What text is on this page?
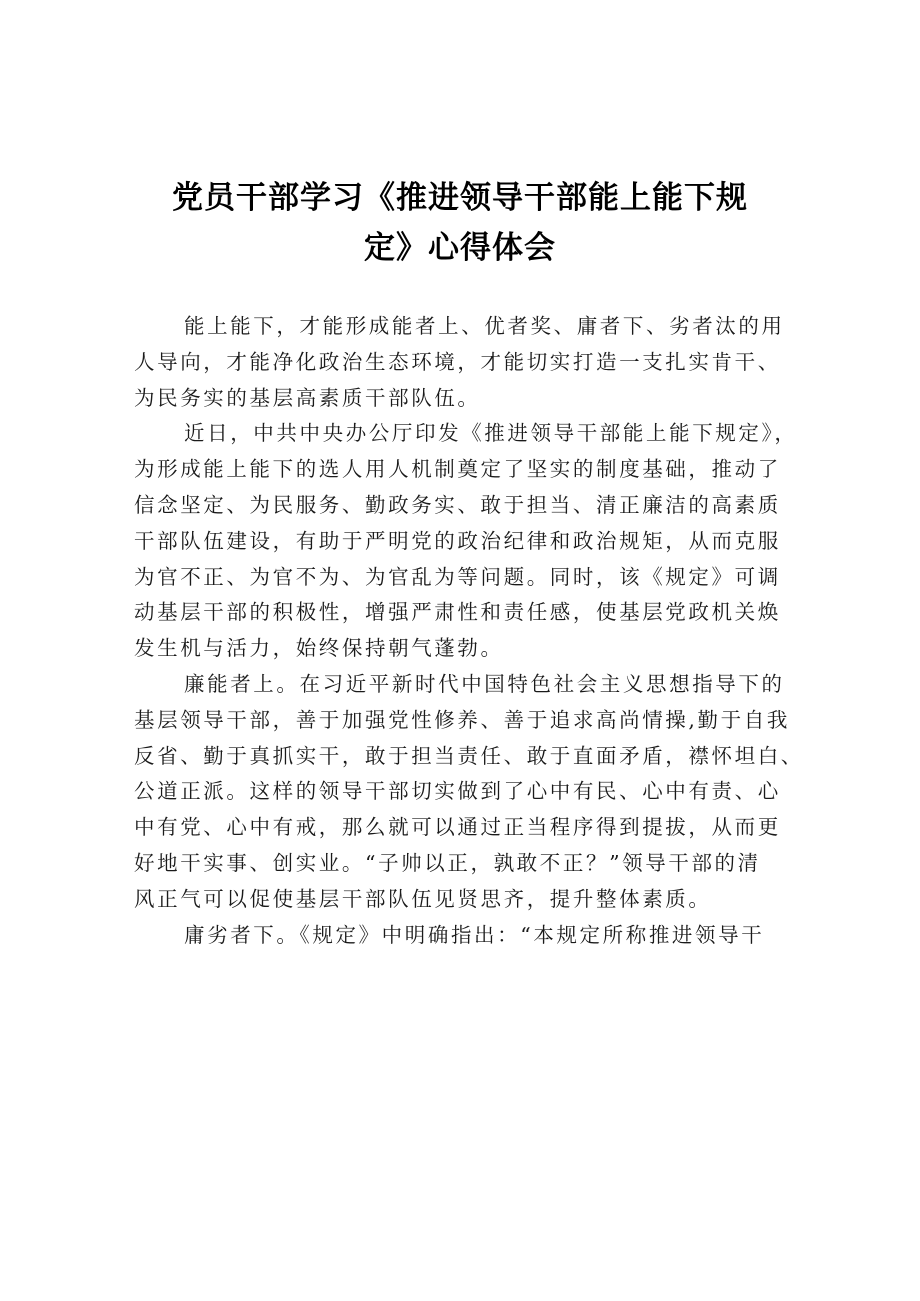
党员干部学习《推进领导干部能上能下规
定》心得体会

能上能下，才能形成能者上、优者奖、庸者下、劣者汰的用
人导向，才能净化政治生态环境，才能切实打造一支扎实肯干、
为民务实的基层高素质干部队伍。

近日，中共中央办公厅印发《推进领导干部能上能下规定》，
为形成能上能下的选人用人机制奠定了坚实的制度基础，推动了
信念坚定、为民服务、勤政务实、敢于担当、清正廉洁的高素质
干部队伍建设，有助于严明党的政治纪律和政治规矩，从而克服
为官不正、为官不为、为官乱为等问题。同时，该《规定》可调
动基层干部的积极性，增强严肃性和责任感，使基层党政机关焕
发生机与活力，始终保持朝气蓬勃。

廉能者上。在习近平新时代中国特色社会主义思想指导下的
基层领导干部，善于加强党性修养、善于追求高尚情操,勤于自我
反省、勤于真抓实干，敢于担当责任、敢于直面矛盾，襟怀坦白、
公道正派。这样的领导干部切实做到了心中有民、心中有责、心
中有党、心中有戒，那么就可以通过正当程序得到提拔，从而更
好地干实事、创实业。“子帅以正，孰敢不正？”领导干部的清
风正气可以促使基层干部队伍见贤思齐，提升整体素质。

庸劣者下。《规定》中明确指出：“本规定所称推进领导干
